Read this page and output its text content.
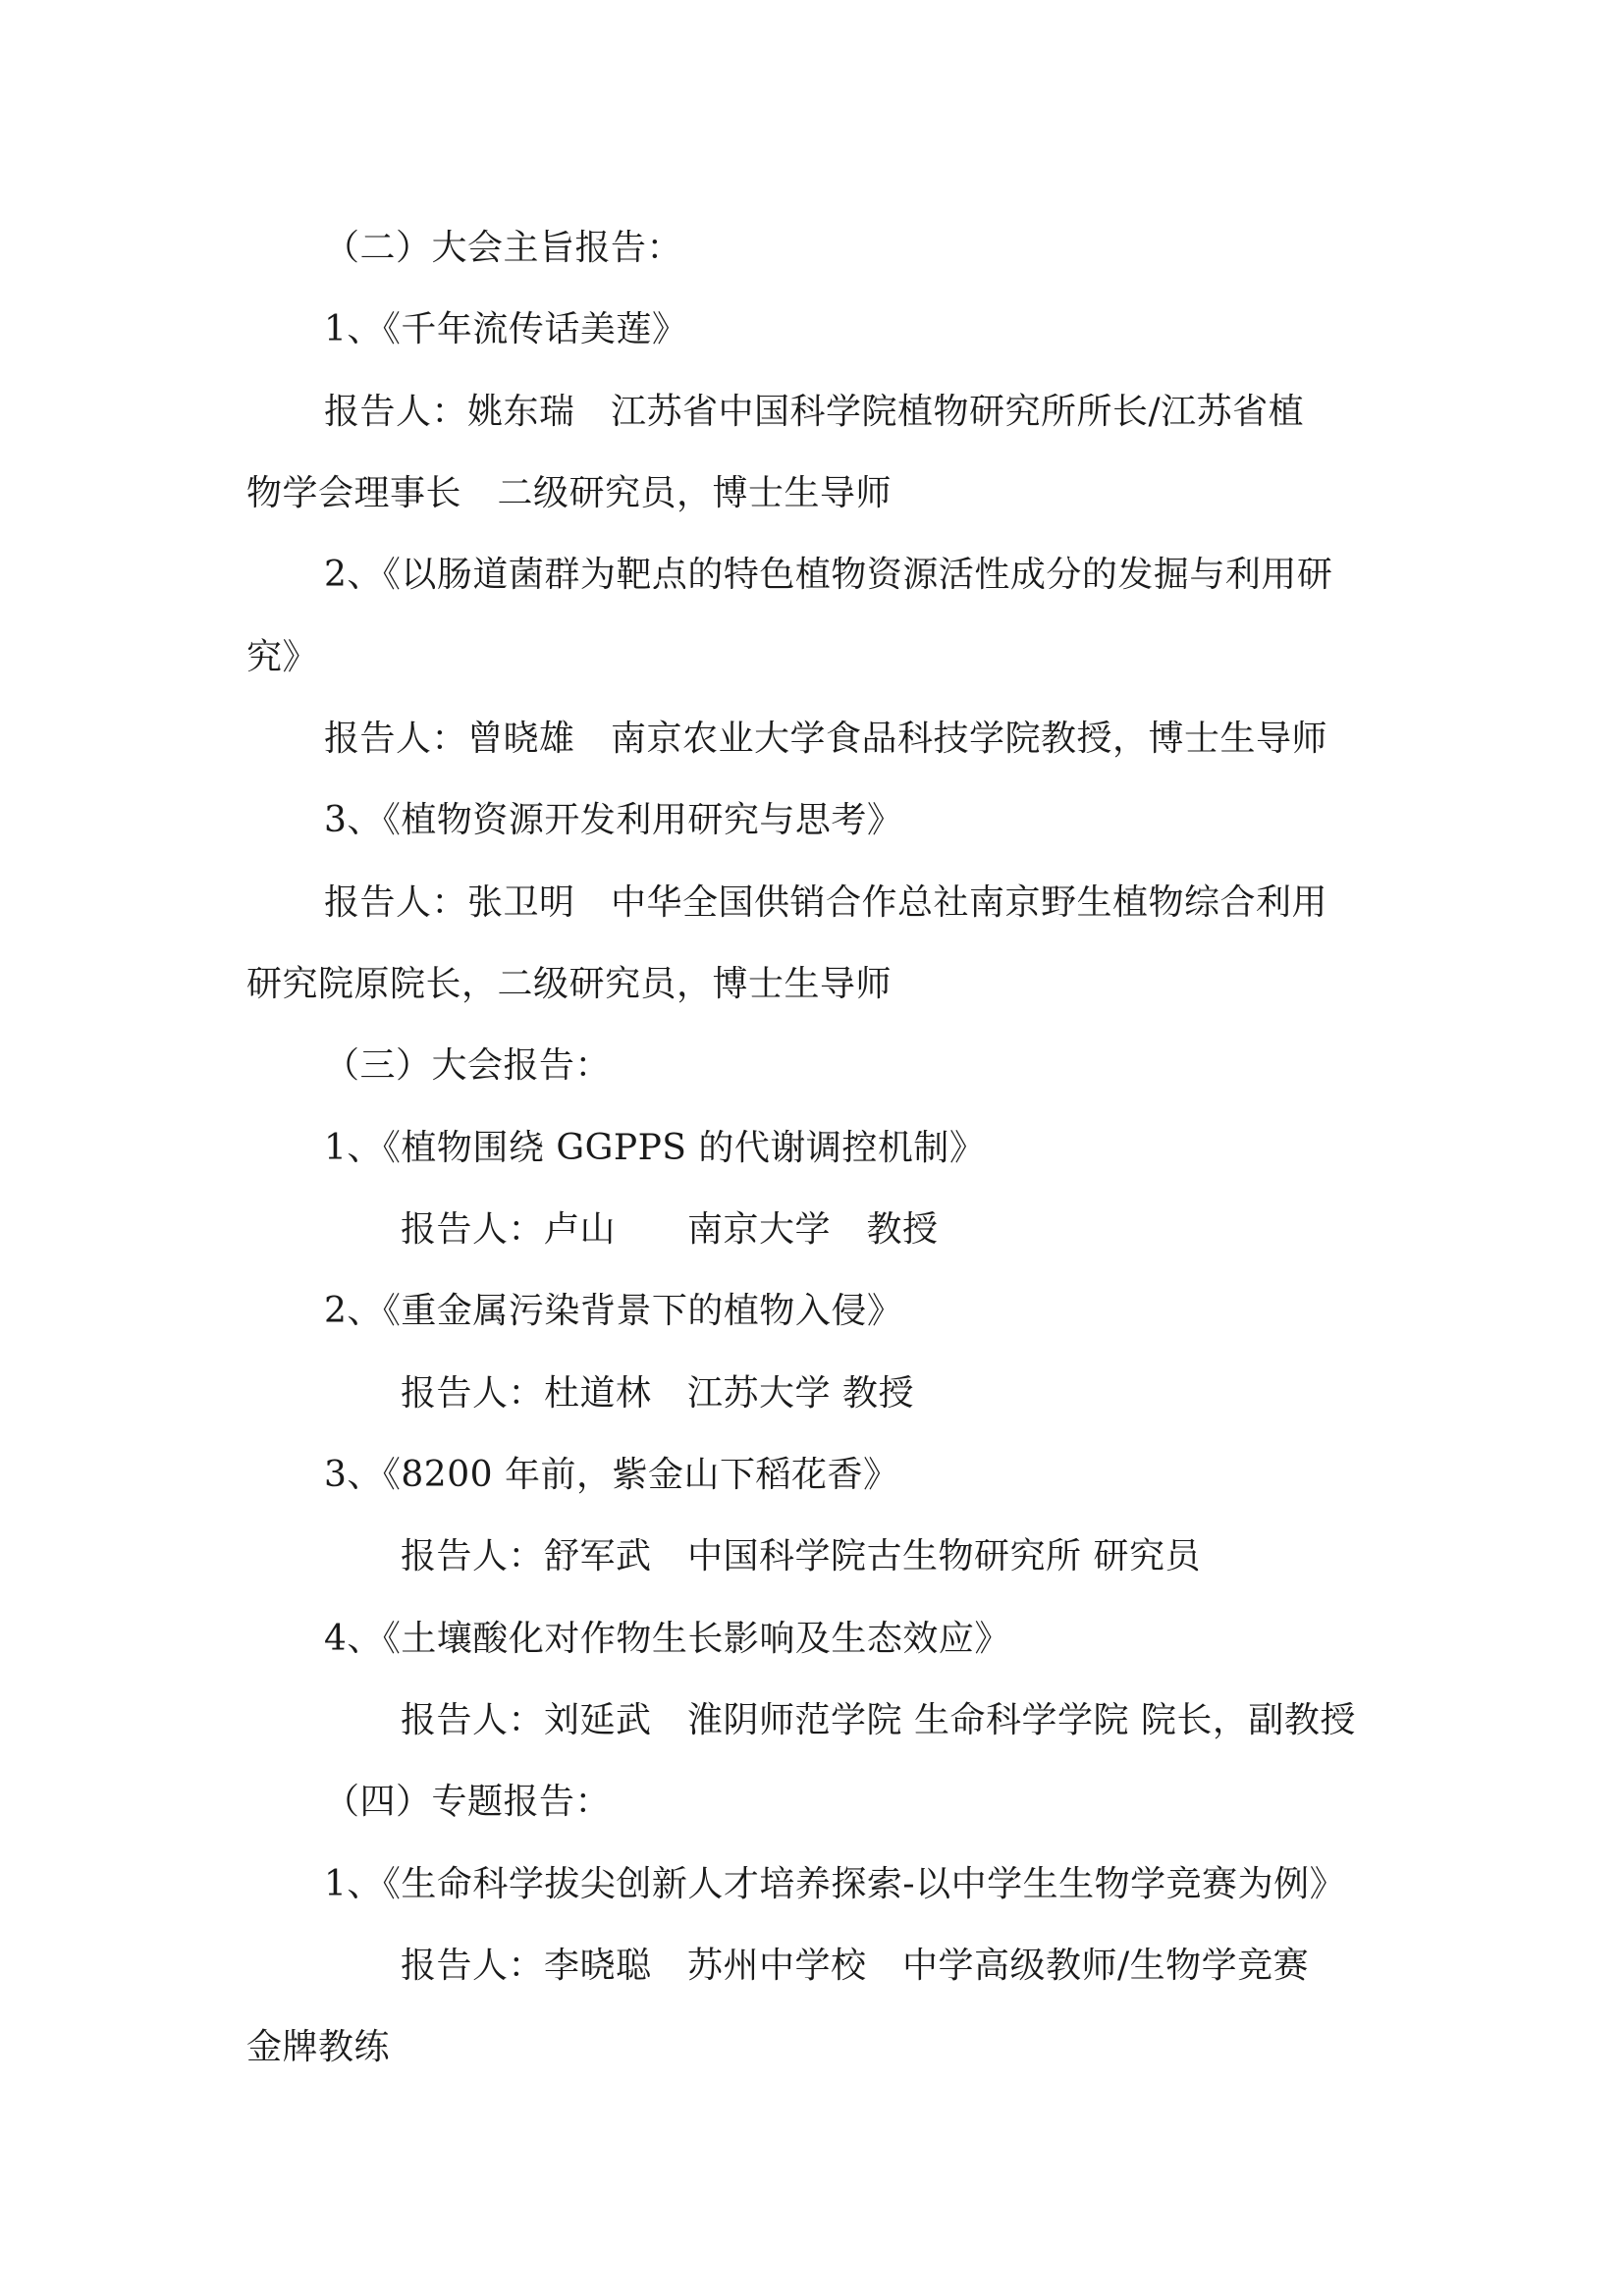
（二）大会主旨报告：
1、《千年流传话美莲》
报告人：姚东瑞　江苏省中国科学院植物研究所所长/江苏省植
物学会理事长　二级研究员，博士生导师
2、《以肠道菌群为靶点的特色植物资源活性成分的发掘与利用研
究》
报告人：曾晓雄　南京农业大学食品科技学院教授，博士生导师
3、《植物资源开发利用研究与思考》
报告人：张卫明　中华全国供销合作总社南京野生植物综合利用
研究院原院长，二级研究员，博士生导师
（三）大会报告：
1、《植物围绕 GGPPS 的代谢调控机制》
报告人：卢山　　南京大学　教授
2、《重金属污染背景下的植物入侵》
报告人：杜道林　江苏大学 教授
3、《8200 年前，紫金山下稻花香》
报告人：舒军武　中国科学院古生物研究所 研究员
4、《土壤酸化对作物生长影响及生态效应》
报告人：刘延武　淮阴师范学院 生命科学学院 院长，副教授
（四）专题报告：
1、《生命科学拔尖创新人才培养探索-以中学生生物学竞赛为例》
报告人：李晓聪　苏州中学校　中学高级教师/生物学竞赛
金牌教练
